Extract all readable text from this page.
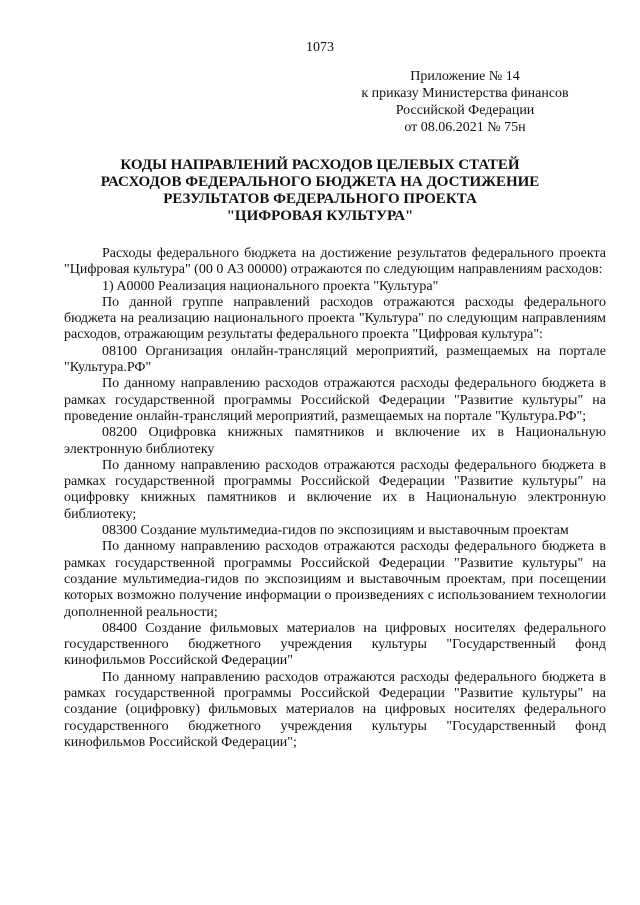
1073
Приложение № 14
к приказу Министерства финансов
Российской Федерации
от 08.06.2021 № 75н
КОДЫ НАПРАВЛЕНИЙ РАСХОДОВ ЦЕЛЕВЫХ СТАТЕЙ
РАСХОДОВ ФЕДЕРАЛЬНОГО БЮДЖЕТА НА ДОСТИЖЕНИЕ
РЕЗУЛЬТАТОВ ФЕДЕРАЛЬНОГО ПРОЕКТА
"ЦИФРОВАЯ КУЛЬТУРА"

Расходы федерального бюджета на достижение результатов федерального проекта "Цифровая культура" (00 0 A3 00000) отражаются по следующим направлениям расходов:

1) A0000 Реализация национального проекта "Культура"

По данной группе направлений расходов отражаются расходы федерального бюджета на реализацию национального проекта "Культура" по следующим направлениям расходов, отражающим результаты федерального проекта "Цифровая культура":

08100 Организация онлайн-трансляций мероприятий, размещаемых на портале "Культура.РФ"

По данному направлению расходов отражаются расходы федерального бюджета в рамках государственной программы Российской Федерации "Развитие культуры" на проведение онлайн-трансляций мероприятий, размещаемых на портале "Культура.РФ";

08200 Оцифровка книжных памятников и включение их в Национальную электронную библиотеку

По данному направлению расходов отражаются расходы федерального бюджета в рамках государственной программы Российской Федерации "Развитие культуры" на оцифровку книжных памятников и включение их в Национальную электронную библиотеку;

08300 Создание мультимедиа-гидов по экспозициям и выставочным проектам

По данному направлению расходов отражаются расходы федерального бюджета в рамках государственной программы Российской Федерации "Развитие культуры" на создание мультимедиа-гидов по экспозициям и выставочным проектам, при посещении которых возможно получение информации о произведениях с использованием технологии дополненной реальности;

08400 Создание фильмовых материалов на цифровых носителях федерального государственного бюджетного учреждения культуры "Государственный фонд кинофильмов Российской Федерации"

По данному направлению расходов отражаются расходы федерального бюджета в рамках государственной программы Российской Федерации "Развитие культуры" на создание (оцифровку) фильмовых материалов на цифровых носителях федерального государственного бюджетного учреждения культуры "Государственный фонд кинофильмов Российской Федерации";
